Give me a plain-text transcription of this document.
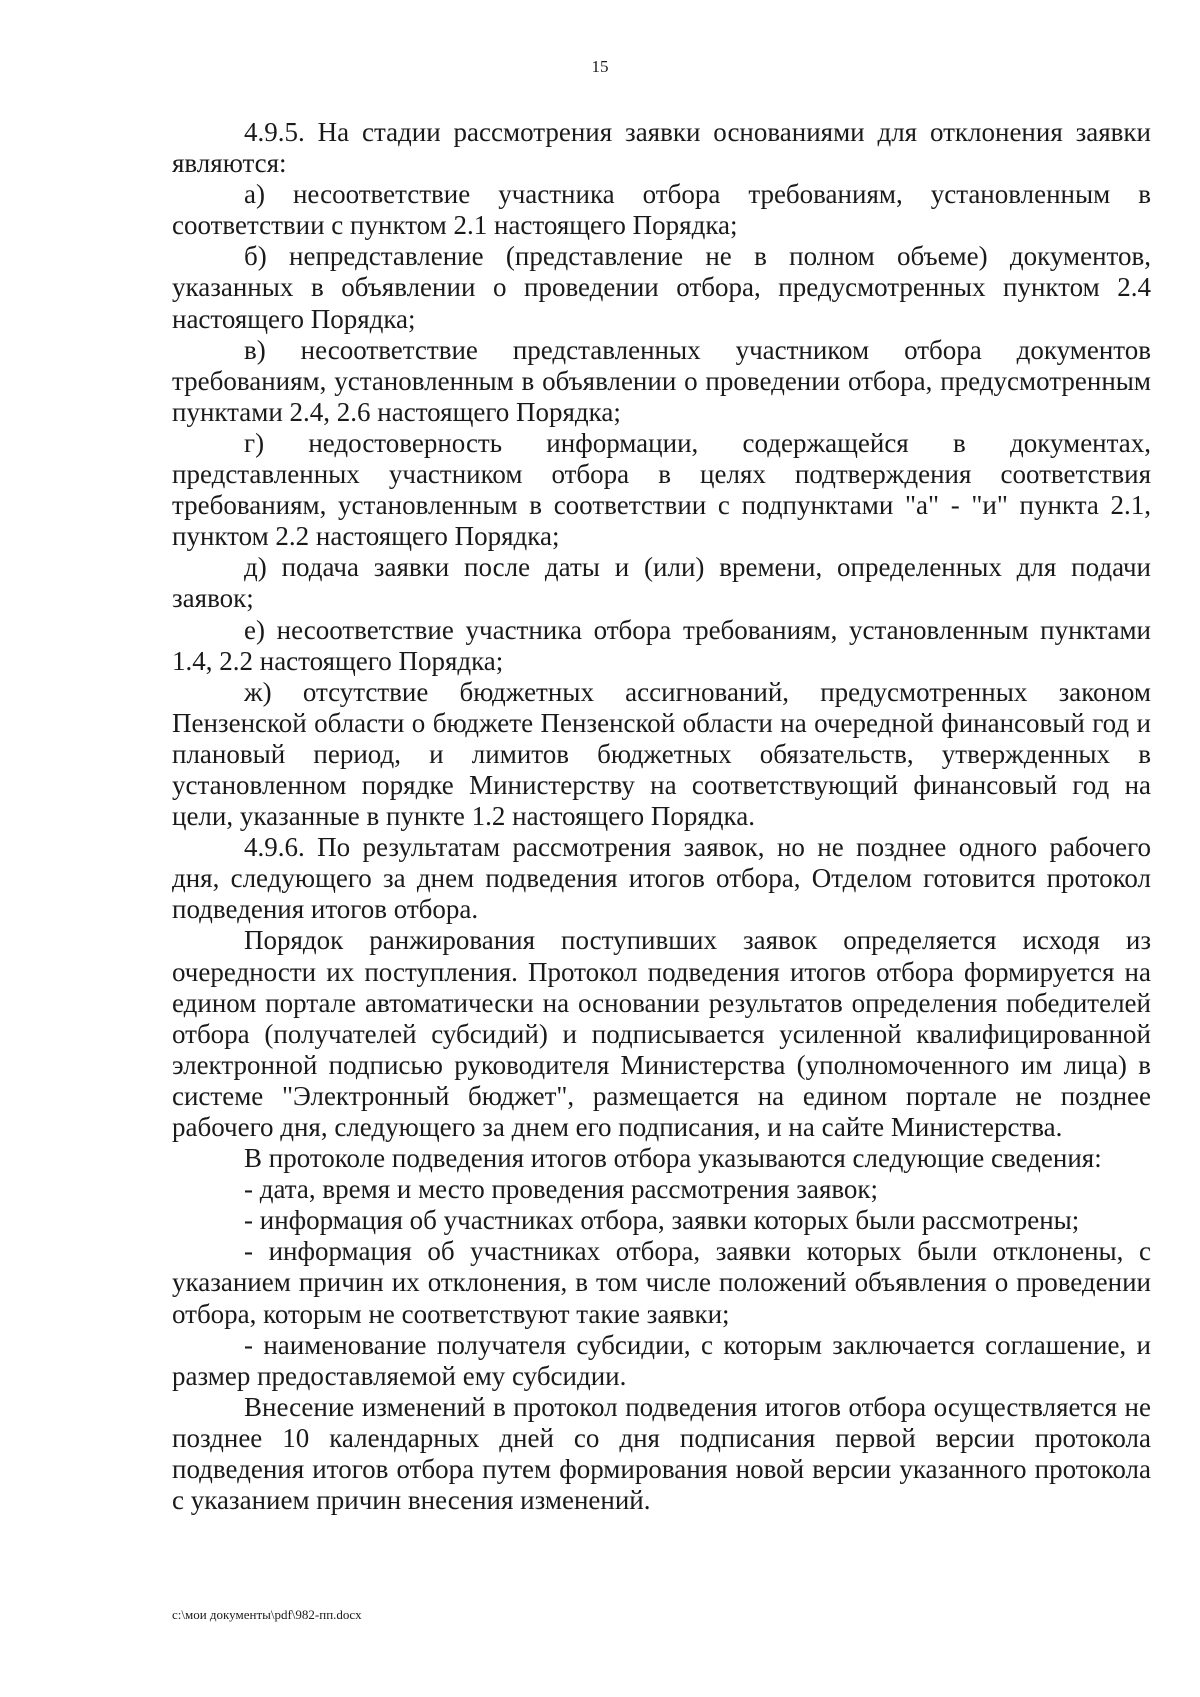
15

4.9.5. На стадии рассмотрения заявки основаниями для отклонения заявки являются:

а) несоответствие участника отбора требованиям, установленным в соответствии с пунктом 2.1 настоящего Порядка;

б) непредставление (представление не в полном объеме) документов, указанных в объявлении о проведении отбора, предусмотренных пунктом 2.4 настоящего Порядка;

в) несоответствие представленных участником отбора документов требованиям, установленным в объявлении о проведении отбора, предусмотренным пунктами 2.4, 2.6 настоящего Порядка;

г) недостоверность информации, содержащейся в документах, представленных участником отбора в целях подтверждения соответствия требованиям, установленным в соответствии с подпунктами "а" - "и" пункта 2.1, пунктом 2.2 настоящего Порядка;

д) подача заявки после даты и (или) времени, определенных для подачи заявок;

е) несоответствие участника отбора требованиям, установленным пунктами 1.4, 2.2 настоящего Порядка;

ж) отсутствие бюджетных ассигнований, предусмотренных законом Пензенской области о бюджете Пензенской области на очередной финансовый год и плановый период, и лимитов бюджетных обязательств, утвержденных в установленном порядке Министерству на соответствующий финансовый год на цели, указанные в пункте 1.2 настоящего Порядка.

4.9.6. По результатам рассмотрения заявок, но не позднее одного рабочего дня, следующего за днем подведения итогов отбора, Отделом готовится протокол подведения итогов отбора.

Порядок ранжирования поступивших заявок определяется исходя из очередности их поступления. Протокол подведения итогов отбора формируется на едином портале автоматически на основании результатов определения победителей отбора (получателей субсидий) и подписывается усиленной квалифицированной электронной подписью руководителя Министерства (уполномоченного им лица) в системе "Электронный бюджет", размещается на едином портале не позднее рабочего дня, следующего за днем его подписания, и на сайте Министерства.

В протоколе подведения итогов отбора указываются следующие сведения:

- дата, время и место проведения рассмотрения заявок;

- информация об участниках отбора, заявки которых были рассмотрены;

- информация об участниках отбора, заявки которых были отклонены, с указанием причин их отклонения, в том числе положений объявления о проведении отбора, которым не соответствуют такие заявки;

- наименование получателя субсидии, с которым заключается соглашение, и размер предоставляемой ему субсидии.

Внесение изменений в протокол подведения итогов отбора осуществляется не позднее 10 календарных дней со дня подписания первой версии протокола подведения итогов отбора путем формирования новой версии указанного протокола с указанием причин внесения изменений.

c:\мои документы\pdf\982-пп.docx
